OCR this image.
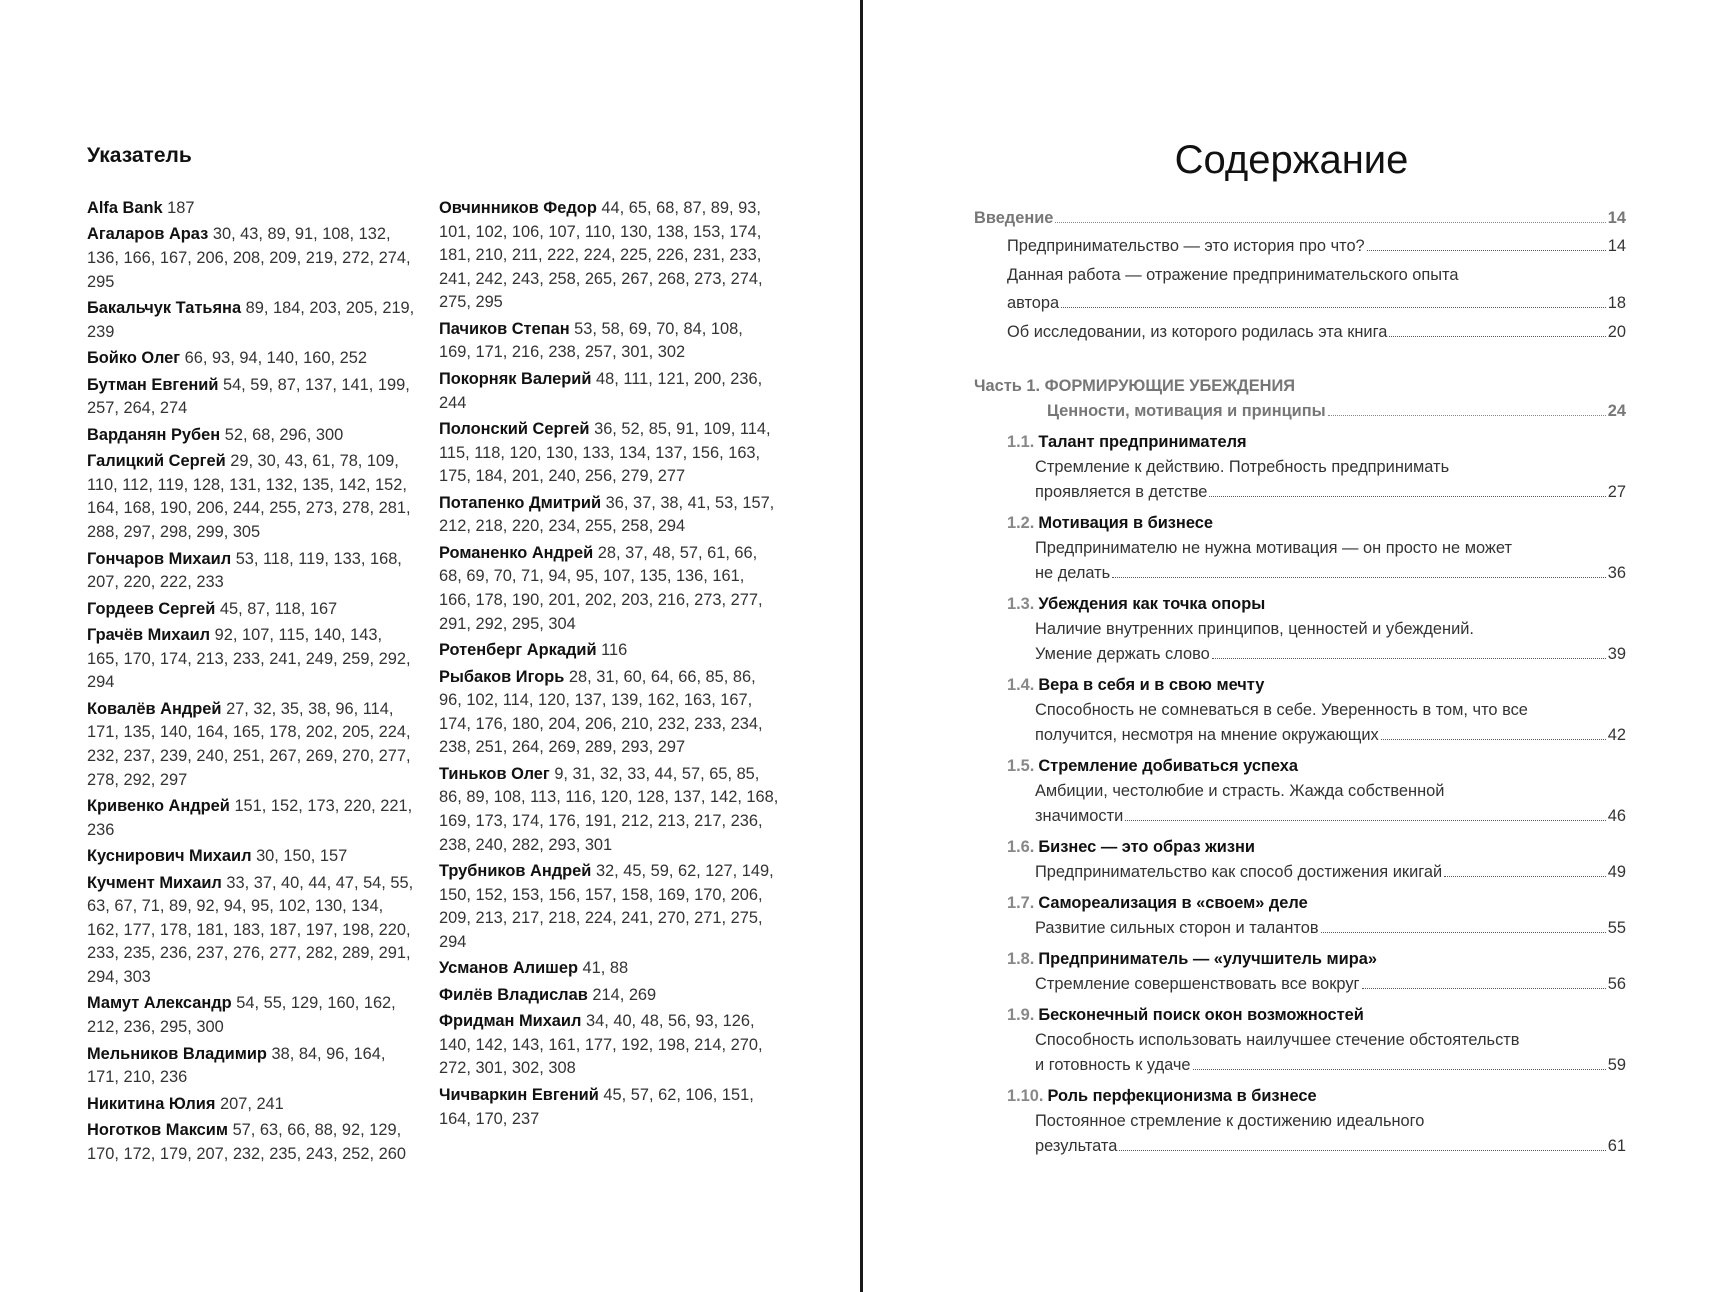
Указатель

Alfa Bank 187

Агаларов Араз 30, 43, 89, 91, 108, 132, 136, 166, 167, 206, 208, 209, 219, 272, 274, 295

Бакальчук Татьяна 89, 184, 203, 205, 219, 239

Бойко Олег 66, 93, 94, 140, 160, 252

Бутман Евгений 54, 59, 87, 137, 141, 199, 257, 264, 274

Варданян Рубен 52, 68, 296, 300

Галицкий Сергей 29, 30, 43, 61, 78, 109, 110, 112, 119, 128, 131, 132, 135, 142, 152, 164, 168, 190, 206, 244, 255, 273, 278, 281, 288, 297, 298, 299, 305

Гончаров Михаил 53, 118, 119, 133, 168, 207, 220, 222, 233

Гордеев Сергей 45, 87, 118, 167

Грачёв Михаил 92, 107, 115, 140, 143, 165, 170, 174, 213, 233, 241, 249, 259, 292, 294

Ковалёв Андрей 27, 32, 35, 38, 96, 114, 171, 135, 140, 164, 165, 178, 202, 205, 224, 232, 237, 239, 240, 251, 267, 269, 270, 277, 278, 292, 297

Кривенко Андрей 151, 152, 173, 220, 221, 236

Куснирович Михаил 30, 150, 157

Кучмент Михаил 33, 37, 40, 44, 47, 54, 55, 63, 67, 71, 89, 92, 94, 95, 102, 130, 134, 162, 177, 178, 181, 183, 187, 197, 198, 220, 233, 235, 236, 237, 276, 277, 282, 289, 291, 294, 303

Мамут Александр 54, 55, 129, 160, 162, 212, 236, 295, 300

Мельников Владимир 38, 84, 96, 164, 171, 210, 236

Никитина Юлия 207, 241

Ноготков Максим 57, 63, 66, 88, 92, 129, 170, 172, 179, 207, 232, 235, 243, 252, 260

Овчинников Федор 44, 65, 68, 87, 89, 93, 101, 102, 106, 107, 110, 130, 138, 153, 174, 181, 210, 211, 222, 224, 225, 226, 231, 233, 241, 242, 243, 258, 265, 267, 268, 273, 274, 275, 295

Пачиков Степан 53, 58, 69, 70, 84, 108, 169, 171, 216, 238, 257, 301, 302

Покорняк Валерий 48, 111, 121, 200, 236, 244

Полонский Сергей 36, 52, 85, 91, 109, 114, 115, 118, 120, 130, 133, 134, 137, 156, 163, 175, 184, 201, 240, 256, 279, 277

Потапенко Дмитрий 36, 37, 38, 41, 53, 157, 212, 218, 220, 234, 255, 258, 294

Романенко Андрей 28, 37, 48, 57, 61, 66, 68, 69, 70, 71, 94, 95, 107, 135, 136, 161, 166, 178, 190, 201, 202, 203, 216, 273, 277, 291, 292, 295, 304

Ротенберг Аркадий 116

Рыбаков Игорь 28, 31, 60, 64, 66, 85, 86, 96, 102, 114, 120, 137, 139, 162, 163, 167, 174, 176, 180, 204, 206, 210, 232, 233, 234, 238, 251, 264, 269, 289, 293, 297

Тиньков Олег 9, 31, 32, 33, 44, 57, 65, 85, 86, 89, 108, 113, 116, 120, 128, 137, 142, 168, 169, 173, 174, 176, 191, 212, 213, 217, 236, 238, 240, 282, 293, 301

Трубников Андрей 32, 45, 59, 62, 127, 149, 150, 152, 153, 156, 157, 158, 169, 170, 206, 209, 213, 217, 218, 224, 241, 270, 271, 275, 294

Усманов Алишер 41, 88

Филёв Владислав 214, 269

Фридман Михаил 34, 40, 48, 56, 93, 126, 140, 142, 143, 161, 177, 192, 198, 214, 270, 272, 301, 302, 308

Чичваркин Евгений 45, 57, 62, 106, 151, 164, 170, 237

Содержание
Введение	14
Предпринимательство — это история про что?	14
Данная работа — отражение предпринимательского опыта
автора	18
Об исследовании, из которого родилась эта книга	20
Часть 1. ФОРМИРУЮЩИЕ УБЕЖДЕНИЯ
Ценности, мотивация и принципы	24
1.1. Талант предпринимателя
Стремление к действию. Потребность предпринимать
проявляется в детстве	27
1.2. Мотивация в бизнесе
Предпринимателю не нужна мотивация — он просто не может
не делать	36
1.3. Убеждения как точка опоры
Наличие внутренних принципов, ценностей и убеждений.
Умение держать слово	39
1.4. Вера в себя и в свою мечту
Способность не сомневаться в себе. Уверенность в том, что все
получится, несмотря на мнение окружающих	42
1.5. Стремление добиваться успеха
Амбиции, честолюбие и страсть. Жажда собственной
значимости	46
1.6. Бизнес — это образ жизни
Предпринимательство как способ достижения икигай	49
1.7. Самореализация в «своем» деле
Развитие сильных сторон и талантов	55
1.8. Предприниматель — «улучшитель мира»
Стремление совершенствовать все вокруг	56
1.9. Бесконечный поиск окон возможностей
Способность использовать наилучшее стечение обстоятельств
и готовность к удаче	59
1.10. Роль перфекционизма в бизнесе
Постоянное стремление к достижению идеального
результата	61
